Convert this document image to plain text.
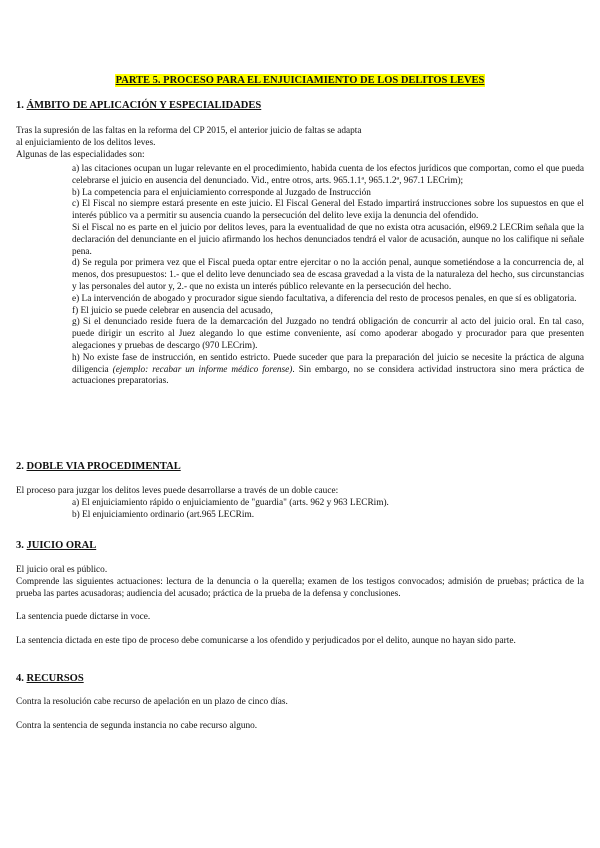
PARTE 5. PROCESO PARA EL ENJUICIAMIENTO DE LOS DELITOS LEVES
1. ÁMBITO DE APLICACIÓN Y ESPECIALIDADES

Tras la supresión de las faltas en la reforma del CP 2015, el anterior juicio de faltas se adapta

al enjuiciamiento de los delitos leves.

Algunas de las especialidades son:

a) las citaciones ocupan un lugar relevante en el procedimiento, habida cuenta de los efectos jurídicos que comportan, como el que pueda celebrarse el juicio en ausencia del denunciado. Vid., entre otros, arts. 965.1.1ª, 965.1.2ª, 967.1 LECrim);

b) La competencia para el enjuiciamiento corresponde al Juzgado de Instrucción

c) El Fiscal no siempre estará presente en este juicio. El Fiscal General del Estado impartirá instrucciones sobre los supuestos en que el interés público va a permitir su ausencia cuando la persecución del delito leve exija la denuncia del ofendido.

Si el Fiscal no es parte en el juicio por delitos leves, para la eventualidad de que no exista otra acusación, el969.2 LECRim señala que la declaración del denunciante en el juicio afirmando los hechos denunciados tendrá el valor de acusación, aunque no los califique ni señale pena.

d) Se regula por primera vez que el Fiscal pueda optar entre ejercitar o no la acción penal, aunque sometiéndose a la concurrencia de, al menos, dos presupuestos: 1.- que el delito leve denunciado sea de escasa gravedad a la vista de la naturaleza del hecho, sus circunstancias y las personales del autor y, 2.- que no exista un interés público relevante en la persecución del hecho.

e) La intervención de abogado y procurador sigue siendo facultativa, a diferencia del resto de procesos penales, en que sí es obligatoria.

f) El juicio se puede celebrar en ausencia del acusado,

g) Si el denunciado reside fuera de la demarcación del Juzgado no tendrá obligación de concurrir al acto del juicio oral. En tal caso, puede dirigir un escrito al Juez alegando lo que estime conveniente, así como apoderar abogado y procurador para que presenten alegaciones y pruebas de descargo (970 LECrim).

h) No existe fase de instrucción, en sentido estricto. Puede suceder que para la preparación del juicio se necesite la práctica de alguna diligencia (ejemplo: recabar un informe médico forense). Sin embargo, no se considera actividad instructora sino mera práctica de actuaciones preparatorias.

2. DOBLE VIA PROCEDIMENTAL

El proceso para juzgar los delitos leves puede desarrollarse a través de un doble cauce:

a) El enjuiciamiento rápido o enjuiciamiento de "guardia" (arts. 962 y 963 LECRim).

b) El enjuiciamiento ordinario (art.965 LECRim.

3. JUICIO ORAL

El juicio oral es público.

Comprende las siguientes actuaciones: lectura de la denuncia o la querella; examen de los testigos convocados; admisión de pruebas; práctica de la prueba las partes acusadoras; audiencia del acusado; práctica de la prueba de la defensa y conclusiones.

La sentencia puede dictarse in voce.

La sentencia dictada en este tipo de proceso debe comunicarse a los ofendido y perjudicados por el delito, aunque no hayan sido parte.

4. RECURSOS

Contra la resolución cabe recurso de apelación en un plazo de cinco días.

Contra la sentencia de segunda instancia no cabe recurso alguno.
